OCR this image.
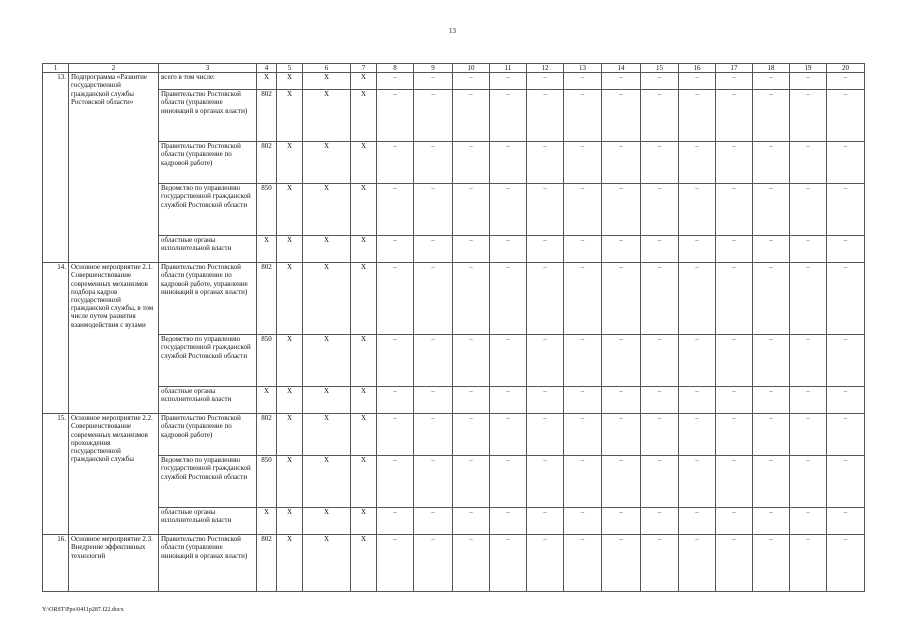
13
1	2	3	4	5	6	7	8	9	10	11	12	13	14	15	16	17	18	19	20
13.	Подпрограмма «Развитие государственной гражданской службы Ростовской области»	всего в том числе:	Х	Х	Х	Х	–	–	–	–	–	–	–	–	–	–	–	–	–
		Правительство Ростовской области (управление инноваций в органах власти)	802	Х	Х	Х	–	–	–	–	–	–	–	–	–	–	–	–	–
		Правительство Ростовской области (управление по кадровой работе)	802	Х	Х	Х	–	–	–	–	–	–	–	–	–	–	–	–	–
		Ведомство по управлению государственной гражданской службой Ростовской области	850	Х	Х	Х	–	–	–	–	–	–	–	–	–	–	–	–	–
		областные органы исполнительной власти	Х	Х	Х	Х	–	–	–	–	–	–	–	–	–	–	–	–	–
14.	Основное мероприятие 2.1. Совершенствование современных механизмов подбора кадров государственной гражданской службы, в том числе путем развития взаимодействия с вузами	Правительство Ростовской области (управление по кадровой работе, управление инноваций в органах власти)	802	Х	Х	Х	–	–	–	–	–	–	–	–	–	–	–	–	–
		Ведомство по управлению государственной гражданской службой Ростовской области	850	Х	Х	Х	–	–	–	–	–	–	–	–	–	–	–	–	–
		областные органы исполнительной власти	Х	Х	Х	Х	–	–	–	–	–	–	–	–	–	–	–	–	–
15.	Основное мероприятие 2.2. Совершенствование современных механизмов прохождения государственной гражданской службы	Правительство Ростовской области (управление по кадровой работе)	802	Х	Х	Х	–	–	–	–	–	–	–	–	–	–	–	–	–
		Ведомство по управлению государственной гражданской службой Ростовской области	850	Х	Х	Х	–	–	–	–	–	–	–	–	–	–	–	–	–
		областные органы исполнительной власти	Х	Х	Х	Х	–	–	–	–	–	–	–	–	–	–	–	–	–
16.	Основное мероприятие 2.3. Внедрение эффективных технологий	Правительство Ростовской области (управление инноваций в органах власти)	802	Х	Х	Х	–	–	–	–	–	–	–	–	–	–	–	–	–
Y:\ORST\Ppo\0411p287.f22.docx
